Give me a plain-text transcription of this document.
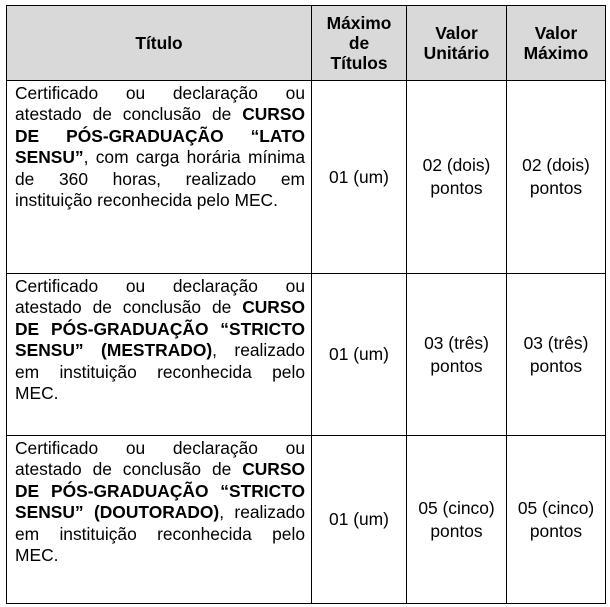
Título	Máximo de Títulos	Valor Unitário	Valor Máximo
Certificado ou declaração ou atestado de conclusão de CURSO DE PÓS-GRADUAÇÃO “LATO SENSU”, com carga horária mínima de 360 horas, realizado em instituição reconhecida pelo MEC.	01 (um)	02 (dois) pontos	02 (dois) pontos
Certificado ou declaração ou atestado de conclusão de CURSO DE PÓS-GRADUAÇÃO “STRICTO SENSU” (MESTRADO), realizado em instituição reconhecida pelo MEC.	01 (um)	03 (três) pontos	03 (três) pontos
Certificado ou declaração ou atestado de conclusão de CURSO DE PÓS-GRADUAÇÃO “STRICTO SENSU” (DOUTORADO), realizado em instituição reconhecida pelo MEC.	01 (um)	05 (cinco) pontos	05 (cinco) pontos
